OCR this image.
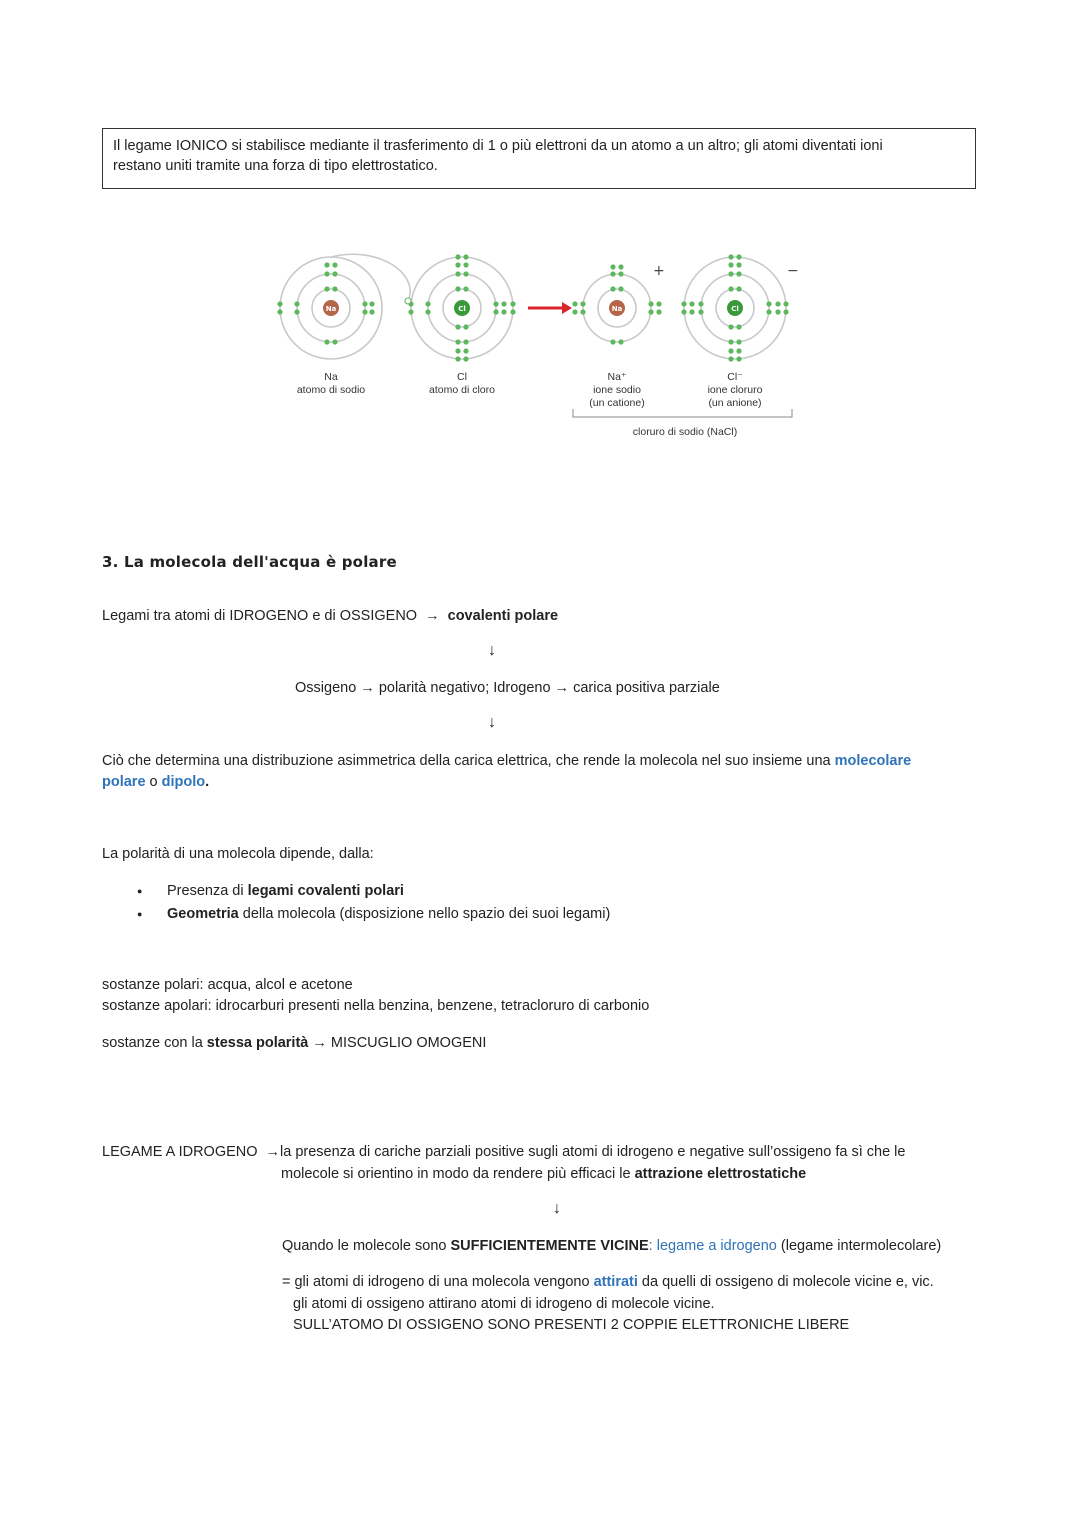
Il legame IONICO si stabilisce mediante il trasferimento di 1 o più elettroni da un atomo a un altro; gli atomi diventati ioni
restano uniti tramite una forza di tipo elettrostatico.
Na	Cl	Na	Cl
+	−
Na
atomo di sodio
Cl
atomo di cloro
Na⁺
ione sodio
(un catione)
Cl⁻
ione cloruro
(un anione)
cloruro di sodio (NaCl)
3. La molecola dell'acqua è polare
Legami tra atomi di IDROGENO e di OSSIGENO → covalenti polare
↓
Ossigeno → polarità negativo; Idrogeno → carica positiva parziale
↓
Ciò che determina una distribuzione asimmetrica della carica elettrica, che rende la molecola nel suo insieme una molecolare polare o dipolo.
La polarità di una molecola dipende, dalla:
● Presenza di legami covalenti polari
● Geometria della molecola (disposizione nello spazio dei suoi legami)
sostanze polari: acqua, alcol e acetone
sostanze apolari: idrocarburi presenti nella benzina, benzene, tetracloruro di carbonio
sostanze con la stessa polarità → MISCUGLIO OMOGENI
LEGAME A IDROGENO → la presenza di cariche parziali positive sugli atomi di idrogeno e negative sull’ossigeno fa sì che le
molecole si orientino in modo da rendere più efficaci le attrazione elettrostatiche
↓
Quando le molecole sono SUFFICIENTEMENTE VICINE: legame a idrogeno (legame intermolecolare)
= gli atomi di idrogeno di una molecola vengono attirati da quelli di ossigeno di molecole vicine e, vic.
gli atomi di ossigeno attirano atomi di idrogeno di molecole vicine.
SULL’ATOMO DI OSSIGENO SONO PRESENTI 2 COPPIE ELETTRONICHE LIBERE
